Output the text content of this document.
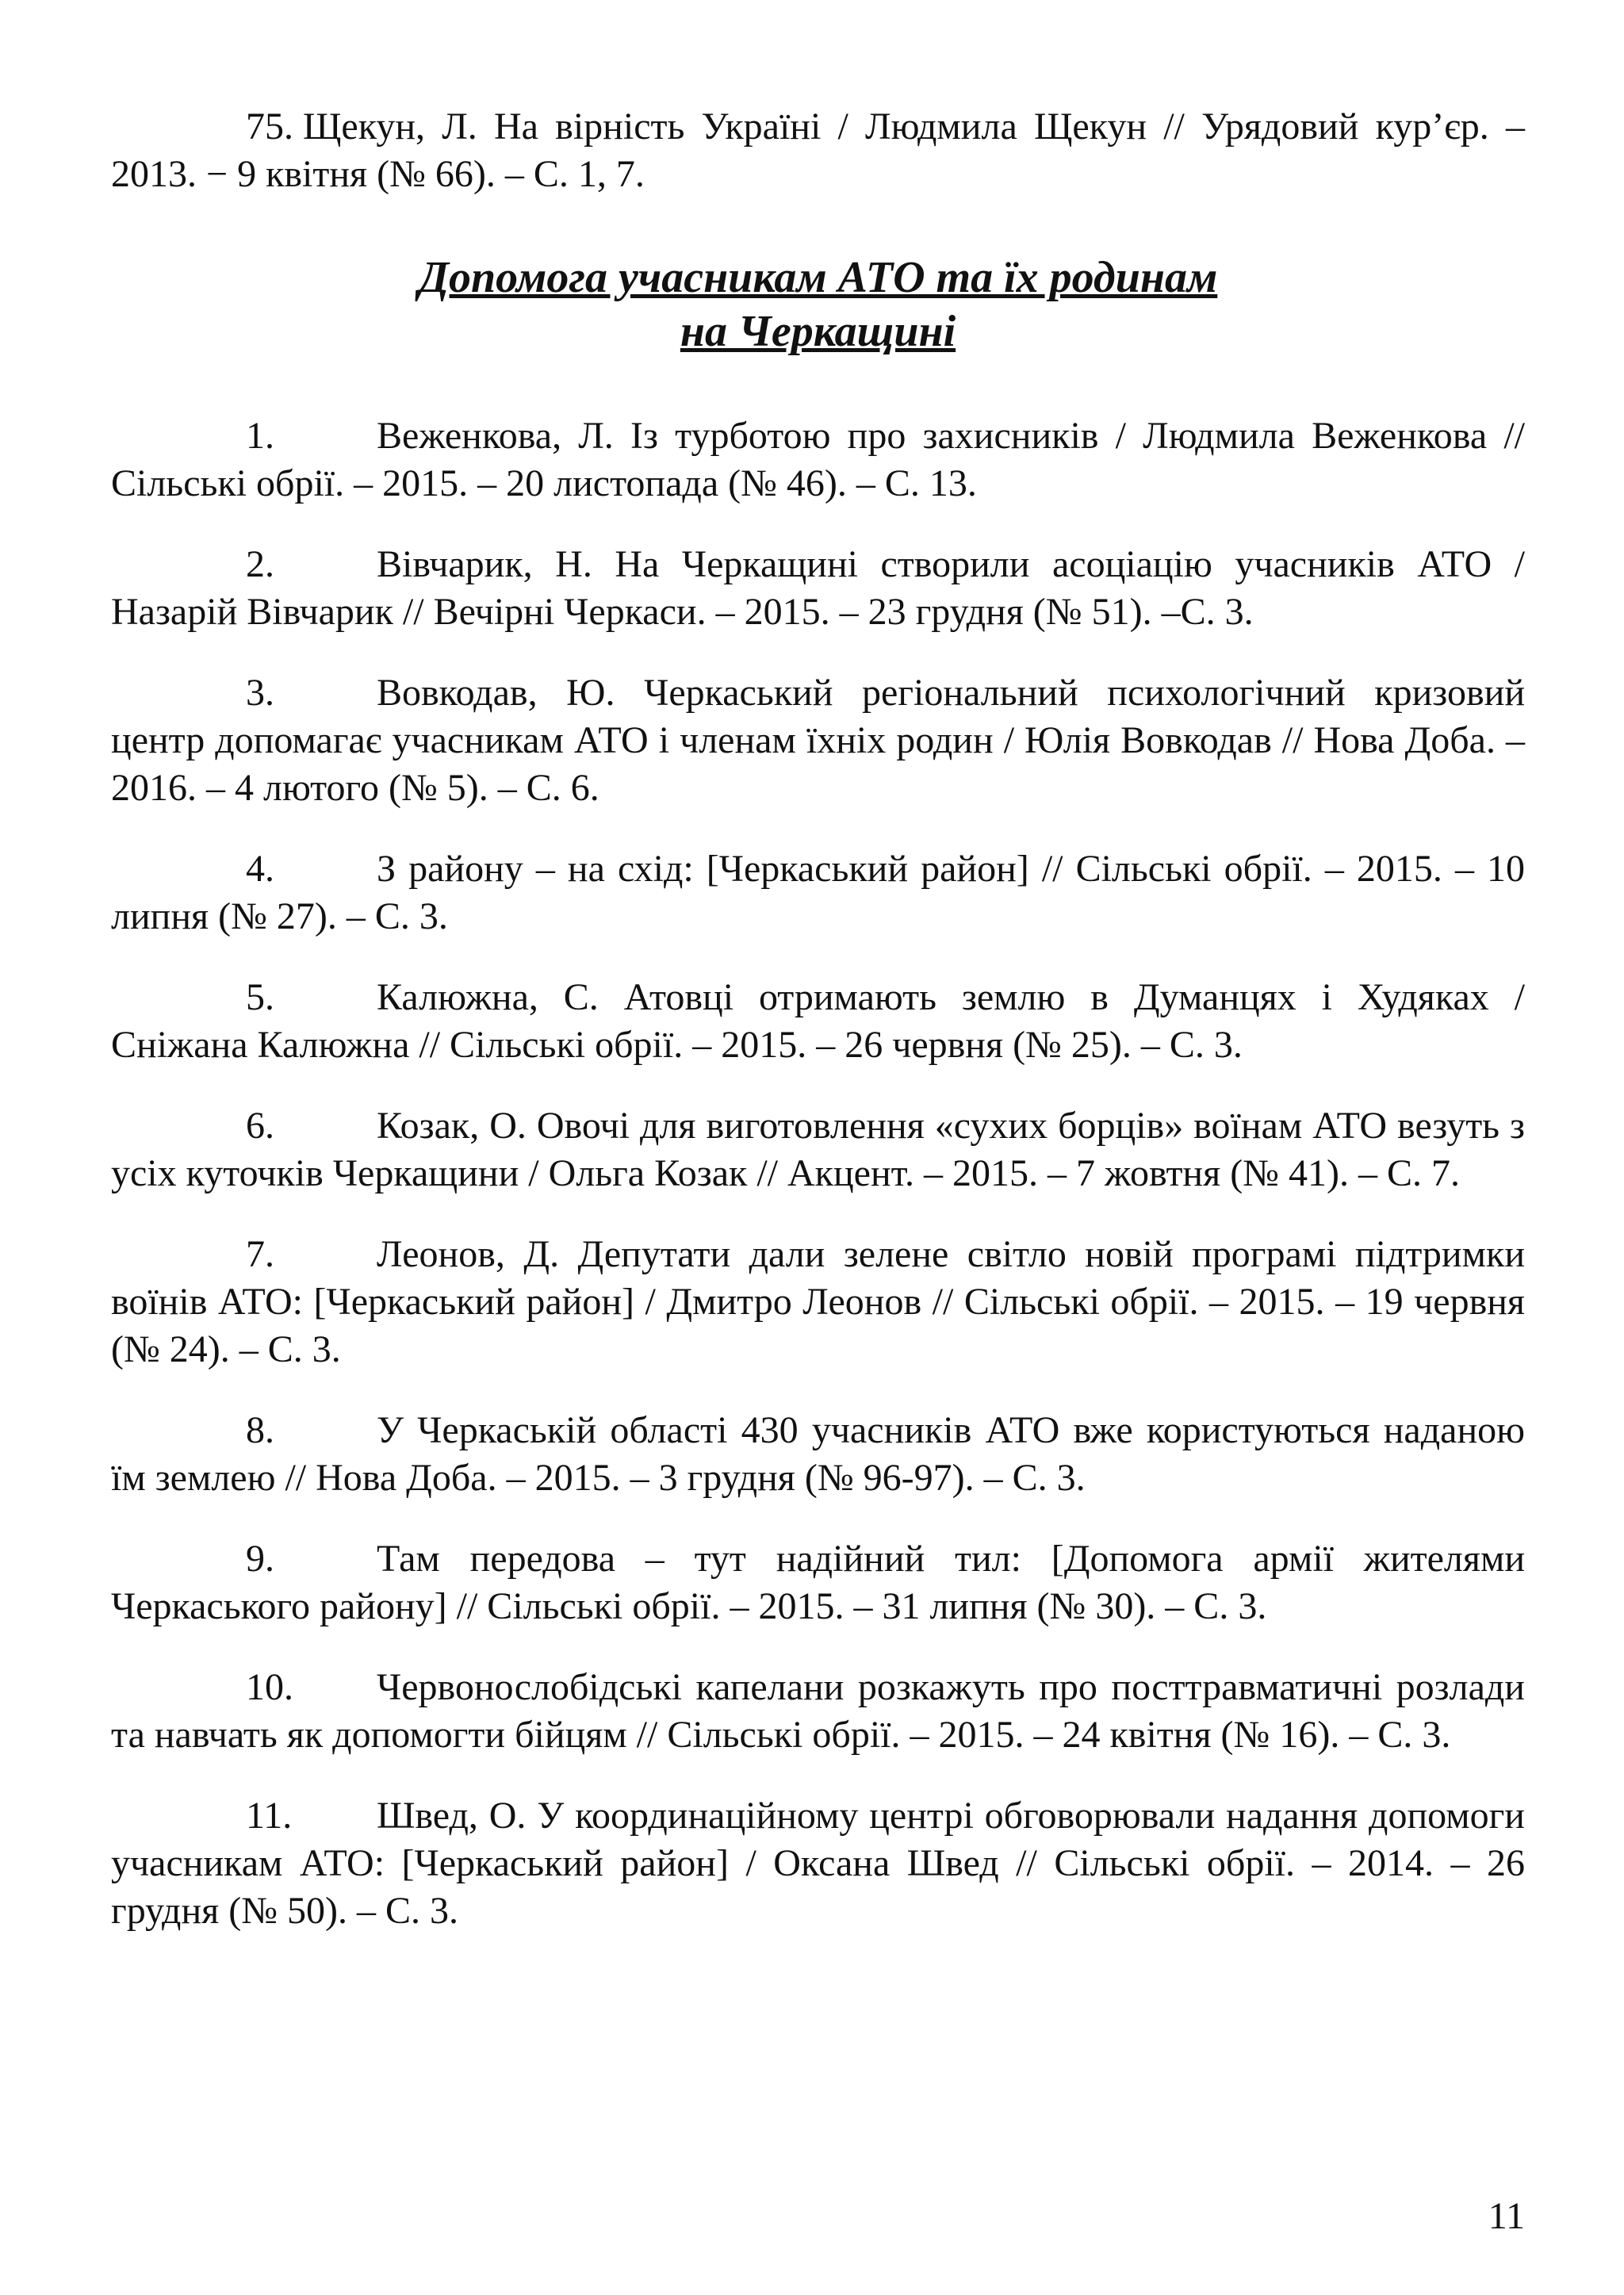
75. Щекун, Л. На вірність Україні / Людмила Щекун // Урядовий кур’єр. – 2013. − 9 квітня (№ 66). – С. 1, 7.

Допомога учасникам АТО та їх родинам

на Черкащині

1.	Веженкова, Л. Із турботою про захисників / Людмила Веженкова // Сільські обрії. – 2015. – 20 листопада (№ 46). – С. 13.

2.	Вівчарик, Н. На Черкащині створили асоціацію учасників АТО / Назарій Вівчарик // Вечірні Черкаси. – 2015. – 23 грудня (№ 51). –С. 3.

3.	Вовкодав, Ю. Черкаський регіональний психологічний кризовий центр допомагає учасникам АТО і членам їхніх родин / Юлія Вовкодав // Нова Доба. – 2016. – 4 лютого (№ 5). – С. 6.

4.	З району – на схід: [Черкаський район] // Сільські обрії. – 2015. – 10 липня (№ 27). – С. 3.

5.	Калюжна, С. Атовці отримають землю в Думанцях і Худяках / Сніжана Калюжна // Сільські обрії. – 2015. – 26 червня (№ 25). – С. 3.

6.	Козак, О. Овочі для виготовлення «сухих борців» воїнам АТО везуть з усіх куточків Черкащини / Ольга Козак // Акцент. – 2015. – 7 жовтня (№ 41). – С. 7.

7.	Леонов, Д. Депутати дали зелене світло новій програмі підтримки воїнів АТО: [Черкаський район] / Дмитро Леонов // Сільські обрії. – 2015. – 19 червня (№ 24). – С. 3.

8.	У Черкаській області 430 учасників АТО вже користуються наданою їм землею // Нова Доба. – 2015. – 3 грудня (№ 96-97). – С. 3.

9.	Там передова – тут надійний тил: [Допомога армії жителями Черкаського району] // Сільські обрії. – 2015. – 31 липня (№ 30). – С. 3.

10. Червонослобідські капелани розкажуть про посттравматичні розлади та навчать як допомогти бійцям // Сільські обрії. – 2015. – 24 квітня (№ 16). – С. 3.

11. Швед, О. У координаційному центрі обговорювали надання допомоги учасникам АТО: [Черкаський район] / Оксана Швед // Сільські обрії. – 2014. – 26 грудня (№ 50). – С. 3.

11
